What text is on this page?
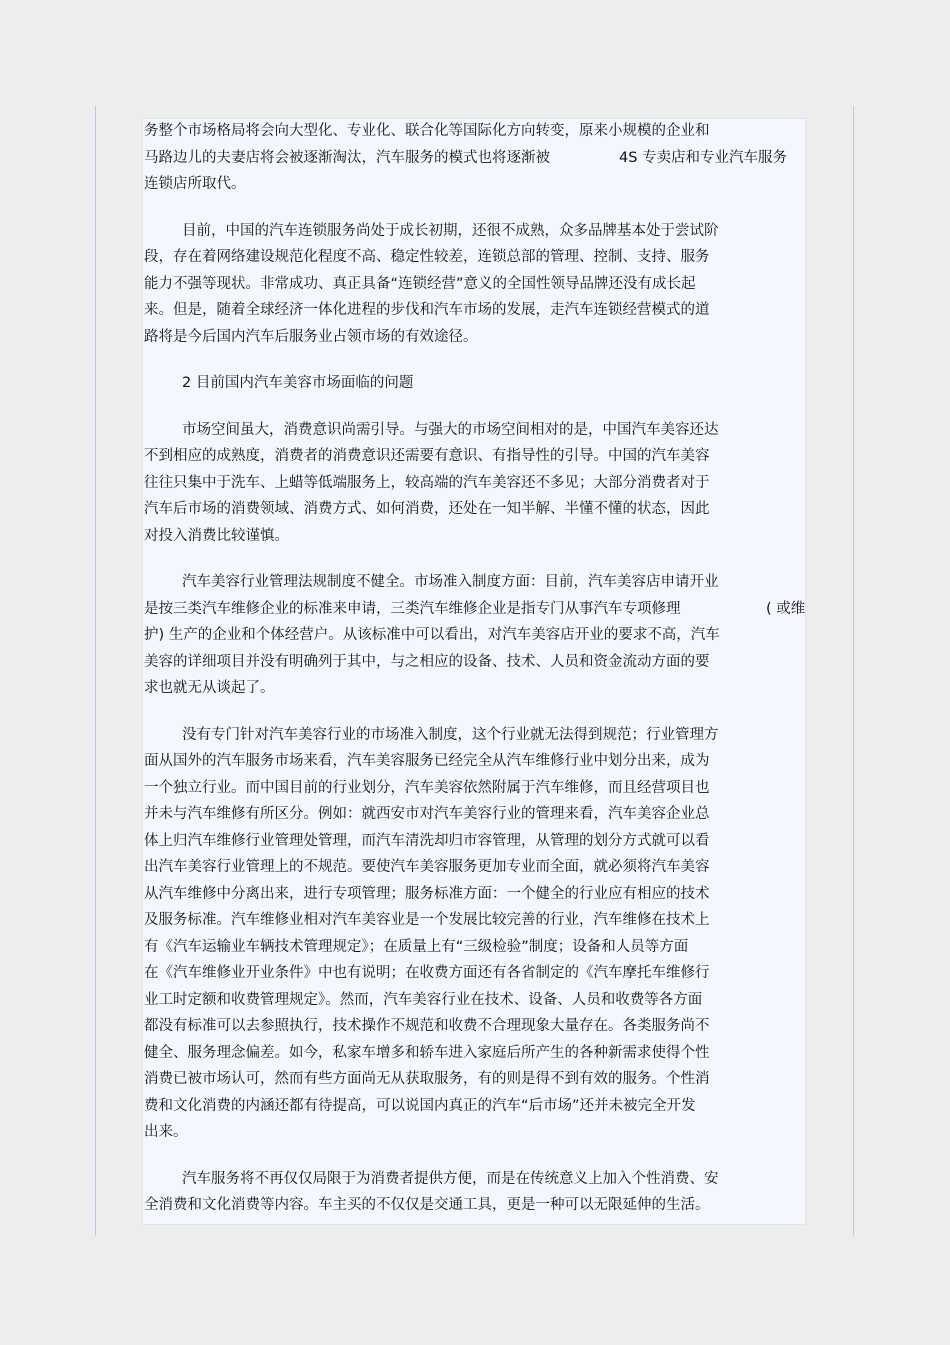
务整个市场格局将会向大型化、专业化、联合化等国际化方向转变，原来小规模的企业和
马路边儿的夫妻店将会被逐渐淘汰，汽车服务的模式也将逐渐被	4S 专卖店和专业汽车服务
连锁店所取代。
目前，中国的汽车连锁服务尚处于成长初期，还很不成熟，众多品牌基本处于尝试阶
段，存在着网络建设规范化程度不高、稳定性较差，连锁总部的管理、控制、支持、服务
能力不强等现状。非常成功、真正具备“连锁经营”意义的全国性领导品牌还没有成长起
来。但是，随着全球经济一体化进程的步伐和汽车市场的发展，走汽车连锁经营模式的道
路将是今后国内汽车后服务业占领市场的有效途径。
2 目前国内汽车美容市场面临的问题
市场空间虽大，消费意识尚需引导。与强大的市场空间相对的是，中国汽车美容还达
不到相应的成熟度，消费者的消费意识还需要有意识、有指导性的引导。中国的汽车美容
往往只集中于洗车、上蜡等低端服务上，较高端的汽车美容还不多见；大部分消费者对于
汽车后市场的消费领域、消费方式、如何消费，还处在一知半解、半懂不懂的状态，因此
对投入消费比较谨慎。
汽车美容行业管理法规制度不健全。市场准入制度方面：目前，汽车美容店申请开业
是按三类汽车维修企业的标准来申请，三类汽车维修企业是指专门从事汽车专项修理	( 或维
护) 生产的企业和个体经营户。从该标准中可以看出，对汽车美容店开业的要求不高，汽车
美容的详细项目并没有明确列于其中，与之相应的设备、技术、人员和资金流动方面的要
求也就无从谈起了。
没有专门针对汽车美容行业的市场准入制度，这个行业就无法得到规范；行业管理方
面从国外的汽车服务市场来看，汽车美容服务已经完全从汽车维修行业中划分出来，成为
一个独立行业。而中国目前的行业划分，汽车美容依然附属于汽车维修，而且经营项目也
并未与汽车维修有所区分。例如：就西安市对汽车美容行业的管理来看，汽车美容企业总
体上归汽车维修行业管理处管理，而汽车清洗却归市容管理，从管理的划分方式就可以看
出汽车美容行业管理上的不规范。要使汽车美容服务更加专业而全面，就必须将汽车美容
从汽车维修中分离出来，进行专项管理；服务标准方面：一个健全的行业应有相应的技术
及服务标准。汽车维修业相对汽车美容业是一个发展比较完善的行业，汽车维修在技术上
有《汽车运输业车辆技术管理规定》；在质量上有“三级检验”制度；设备和人员等方面
在《汽车维修业开业条件》中也有说明；在收费方面还有各省制定的《汽车摩托车维修行
业工时定额和收费管理规定》。然而，汽车美容行业在技术、设备、人员和收费等各方面
都没有标准可以去参照执行，技术操作不规范和收费不合理现象大量存在。各类服务尚不
健全、服务理念偏差。如今，私家车增多和轿车进入家庭后所产生的各种新需求使得个性
消费已被市场认可，然而有些方面尚无从获取服务，有的则是得不到有效的服务。个性消
费和文化消费的内涵还都有待提高，可以说国内真正的汽车“后市场”还并未被完全开发
出来。
汽车服务将不再仅仅局限于为消费者提供方便，而是在传统意义上加入个性消费、安
全消费和文化消费等内容。车主买的不仅仅是交通工具，更是一种可以无限延伸的生活。
